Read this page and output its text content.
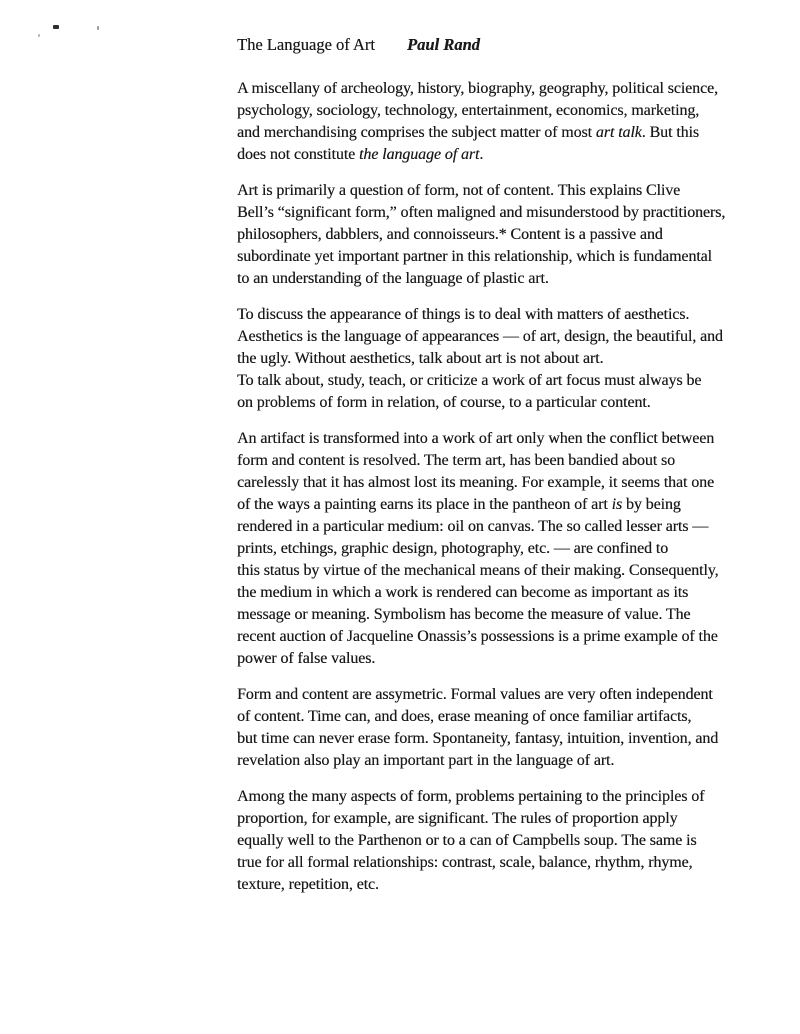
The Language of Art Paul Rand

A miscellany of archeology, history, biography, geography, political science,
psychology, sociology, technology, entertainment, economics, marketing,
and merchandising comprises the subject matter of most art talk. But this
does not constitute the language of art.

Art is primarily a question of form, not of content. This explains Clive
Bell’s “significant form,” often maligned and misunderstood by practitioners,
philosophers, dabblers, and connoisseurs.* Content is a passive and
subordinate yet important partner in this relationship, which is fundamental
to an understanding of the language of plastic art.

To discuss the appearance of things is to deal with matters of aesthetics.
Aesthetics is the language of appearances — of art, design, the beautiful, and
the ugly. Without aesthetics, talk about art is not about art.
To talk about, study, teach, or criticize a work of art focus must always be
on problems of form in relation, of course, to a particular content.

An artifact is transformed into a work of art only when the conflict between
form and content is resolved. The term art, has been bandied about so
carelessly that it has almost lost its meaning. For example, it seems that one
of the ways a painting earns its place in the pantheon of art is by being
rendered in a particular medium: oil on canvas. The so called lesser arts —
prints, etchings, graphic design, photography, etc. — are confined to
this status by virtue of the mechanical means of their making. Consequently,
the medium in which a work is rendered can become as important as its
message or meaning. Symbolism has become the measure of value. The
recent auction of Jacqueline Onassis’s possessions is a prime example of the
power of false values.

Form and content are assymetric. Formal values are very often independent
of content. Time can, and does, erase meaning of once familiar artifacts,
but time can never erase form. Spontaneity, fantasy, intuition, invention, and
revelation also play an important part in the language of art.

Among the many aspects of form, problems pertaining to the principles of
proportion, for example, are significant. The rules of proportion apply
equally well to the Parthenon or to a can of Campbells soup. The same is
true for all formal relationships: contrast, scale, balance, rhythm, rhyme,
texture, repetition, etc.
